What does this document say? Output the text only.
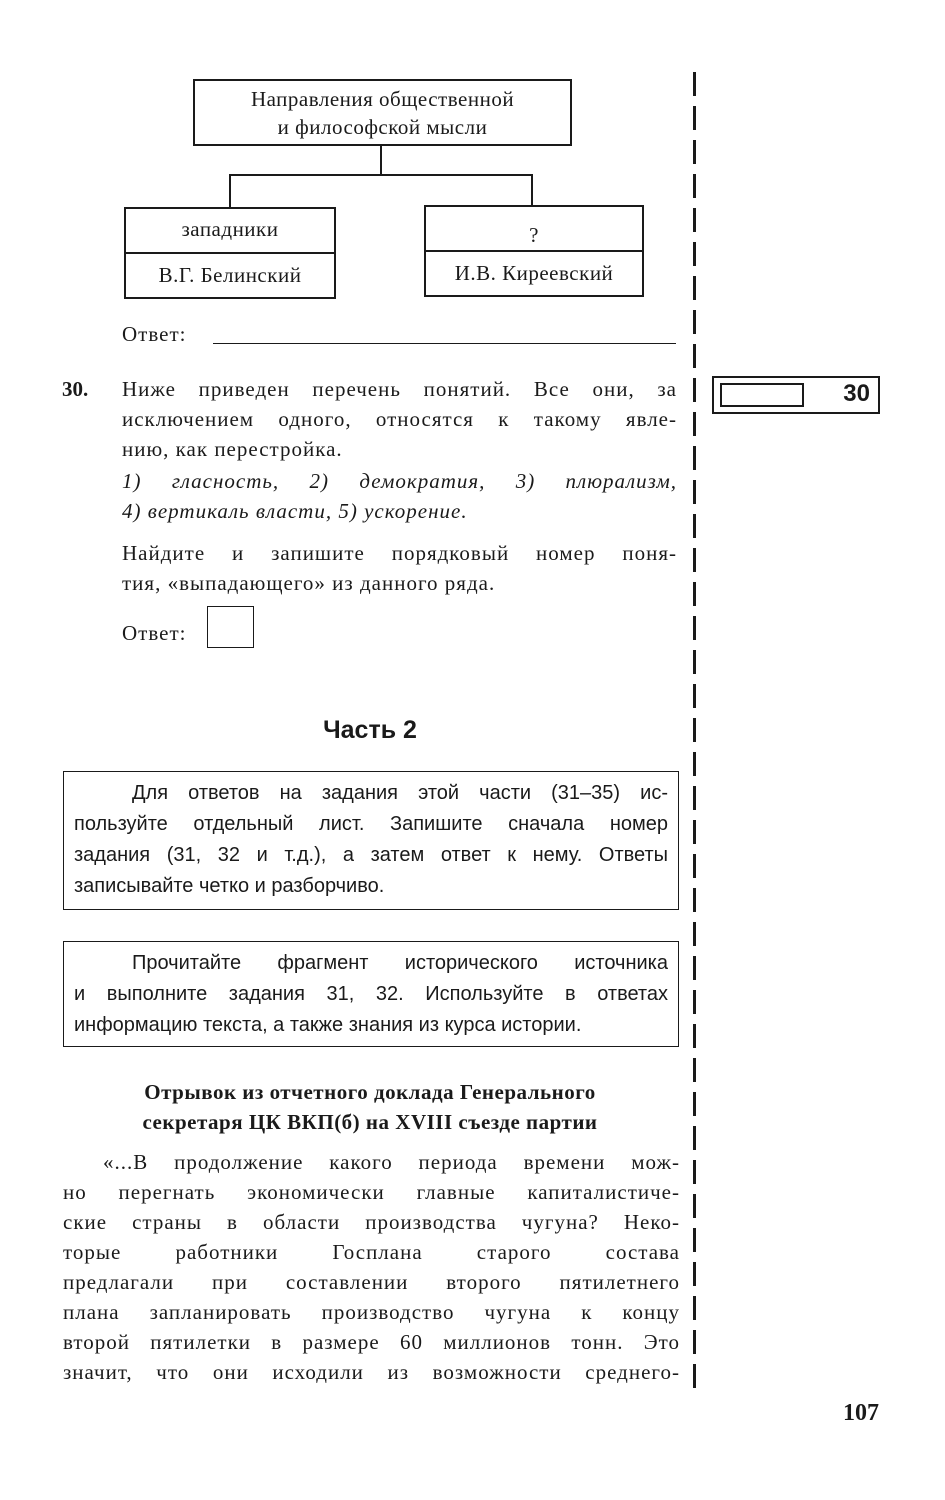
Направления общественной
и философской мысли
западники
В.Г. Белинский
?
И.В. Киреевский
Ответ:
30. Ниже приведен перечень понятий. Все они, за
исключением одного, относятся к такому явле-
нию, как перестройка.
1) гласность, 2) демократия, 3) плюрализм,
4) вертикаль власти, 5) ускорение.
Найдите и запишите порядковый номер поня-
тия, «выпадающего» из данного ряда.
Ответ:
30
Часть 2
Для ответов на задания этой части (31–35) ис-
пользуйте отдельный лист. Запишите сначала номер
задания (31, 32 и т.д.), а затем ответ к нему. Ответы
записывайте четко и разборчиво.
Прочитайте фрагмент исторического источника
и выполните задания 31, 32. Используйте в ответах
информацию текста, а также знания из курса истории.
Отрывок из отчетного доклада Генерального
секретаря ЦК ВКП(б) на XVIII съезде партии
«...В продолжение какого периода времени мож-
но перегнать экономически главные капиталистиче-
ские страны в области производства чугуна? Неко-
торые работники Госплана старого состава
предлагали при составлении второго пятилетнего
плана запланировать производство чугуна к концу
второй пятилетки в размере 60 миллионов тонн. Это
значит, что они исходили из возможности среднего-
107
